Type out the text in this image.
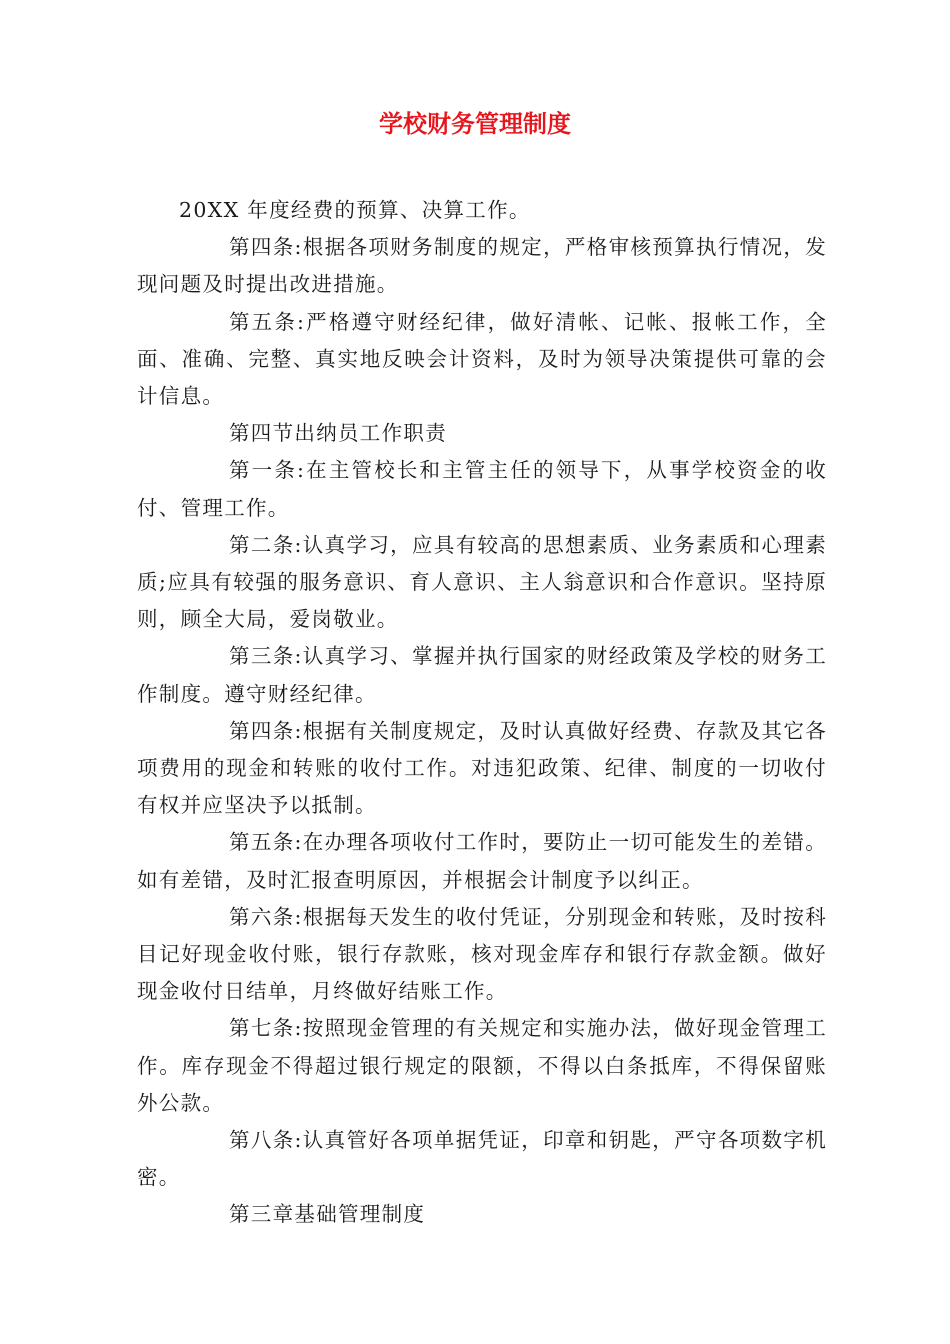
学校财务管理制度

20XX 年度经费的预算、决算工作。

第四条:根据各项财务制度的规定，严格审核预算执行情况，发现问题及时提出改进措施。

第五条:严格遵守财经纪律，做好清帐、记帐、报帐工作，全面、准确、完整、真实地反映会计资料，及时为领导决策提供可靠的会计信息。

第四节出纳员工作职责

第一条:在主管校长和主管主任的领导下，从事学校资金的收付、管理工作。

第二条:认真学习，应具有较高的思想素质、业务素质和心理素质;应具有较强的服务意识、育人意识、主人翁意识和合作意识。坚持原则，顾全大局，爱岗敬业。

第三条:认真学习、掌握并执行国家的财经政策及学校的财务工作制度。遵守财经纪律。

第四条:根据有关制度规定，及时认真做好经费、存款及其它各项费用的现金和转账的收付工作。对违犯政策、纪律、制度的一切收付有权并应坚决予以抵制。

第五条:在办理各项收付工作时，要防止一切可能发生的差错。如有差错，及时汇报查明原因，并根据会计制度予以纠正。

第六条:根据每天发生的收付凭证，分别现金和转账，及时按科目记好现金收付账，银行存款账，核对现金库存和银行存款金额。做好现金收付日结单，月终做好结账工作。

第七条:按照现金管理的有关规定和实施办法，做好现金管理工作。库存现金不得超过银行规定的限额，不得以白条抵库，不得保留账外公款。

第八条:认真管好各项单据凭证，印章和钥匙，严守各项数字机密。

第三章基础管理制度
